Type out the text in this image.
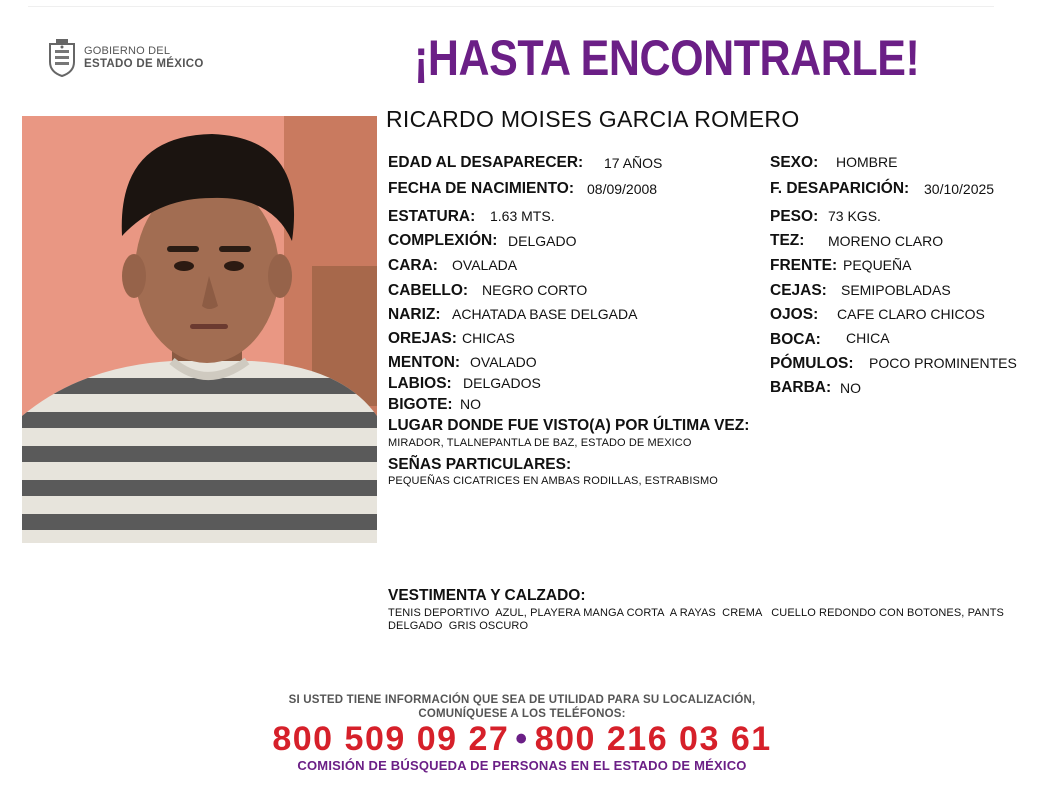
GOBIERNO DEL
ESTADO DE MÉXICO	¡HASTA ENCONTRARLE!
RICARDO MOISES GARCIA ROMERO
EDAD AL DESAPARECER: 17 AÑOS
FECHA DE NACIMIENTO: 08/09/2008
ESTATURA: 1.63 MTS.
COMPLEXIÓN: DELGADO
CARA: OVALADA
CABELLO: NEGRO CORTO
NARIZ: ACHATADA BASE DELGADA
OREJAS: CHICAS
MENTON: OVALADO
LABIOS: DELGADOS
BIGOTE: NO
SEXO: HOMBRE
F. DESAPARICIÓN: 30/10/2025
PESO: 73 KGS.
TEZ: MORENO CLARO
FRENTE: PEQUEÑA
CEJAS: SEMIPOBLADAS
OJOS: CAFE CLARO CHICOS
BOCA: CHICA
PÓMULOS: POCO PROMINENTES
BARBA: NO
LUGAR DONDE FUE VISTO(A) POR ÚLTIMA VEZ:
MIRADOR, TLALNEPANTLA DE BAZ, ESTADO DE MEXICO
SEÑAS PARTICULARES:
PEQUEÑAS CICATRICES EN AMBAS RODILLAS, ESTRABISMO
VESTIMENTA Y CALZADO:
TENIS DEPORTIVO  AZUL, PLAYERA MANGA CORTA  A RAYAS  CREMA   CUELLO REDONDO CON BOTONES, PANTS
DELGADO  GRIS OSCURO
SI USTED TIENE INFORMACIÓN QUE SEA DE UTILIDAD PARA SU LOCALIZACIÓN,
COMUNÍQUESE A LOS TELÉFONOS:
800 509 09 27 • 800 216 03 61
COMISIÓN DE BÚSQUEDA DE PERSONAS EN EL ESTADO DE MÉXICO
